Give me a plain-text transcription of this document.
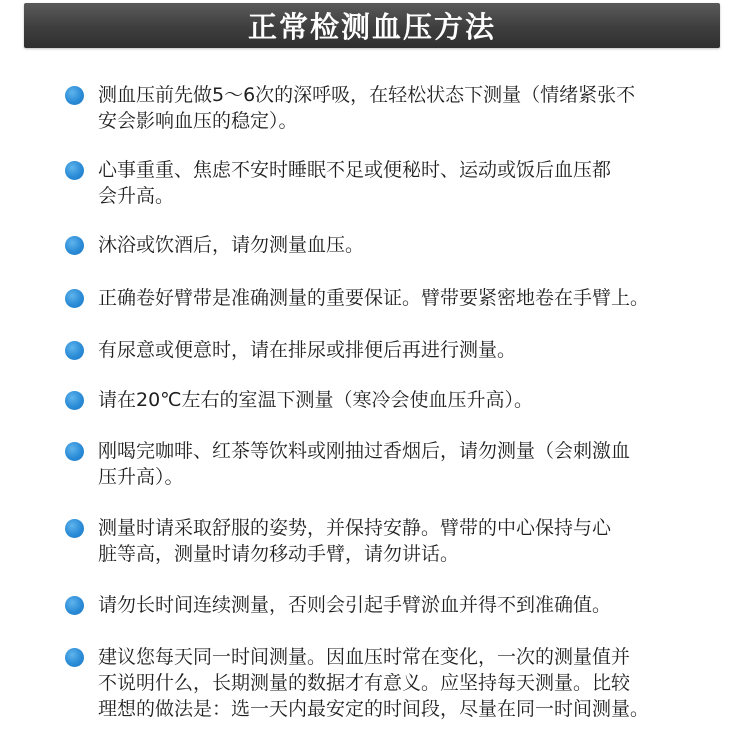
正常检测血压方法
测血压前先做5～6次的深呼吸，在轻松状态下测量（情绪紧张不
安会影响血压的稳定）。
心事重重、焦虑不安时睡眠不足或便秘时、运动或饭后血压都
会升高。
沐浴或饮酒后，请勿测量血压。
正确卷好臂带是准确测量的重要保证。臂带要紧密地卷在手臂上。
有尿意或便意时，请在排尿或排便后再进行测量。
请在20℃左右的室温下测量（寒冷会使血压升高）。
刚喝完咖啡、红茶等饮料或刚抽过香烟后，请勿测量（会刺激血
压升高）。
测量时请采取舒服的姿势，并保持安静。臂带的中心保持与心
脏等高，测量时请勿移动手臂，请勿讲话。
请勿长时间连续测量，否则会引起手臂淤血并得不到准确值。
建议您每天同一时间测量。因血压时常在变化，一次的测量值并
不说明什么，长期测量的数据才有意义。应坚持每天测量。比较
理想的做法是：选一天内最安定的时间段，尽量在同一时间测量。
